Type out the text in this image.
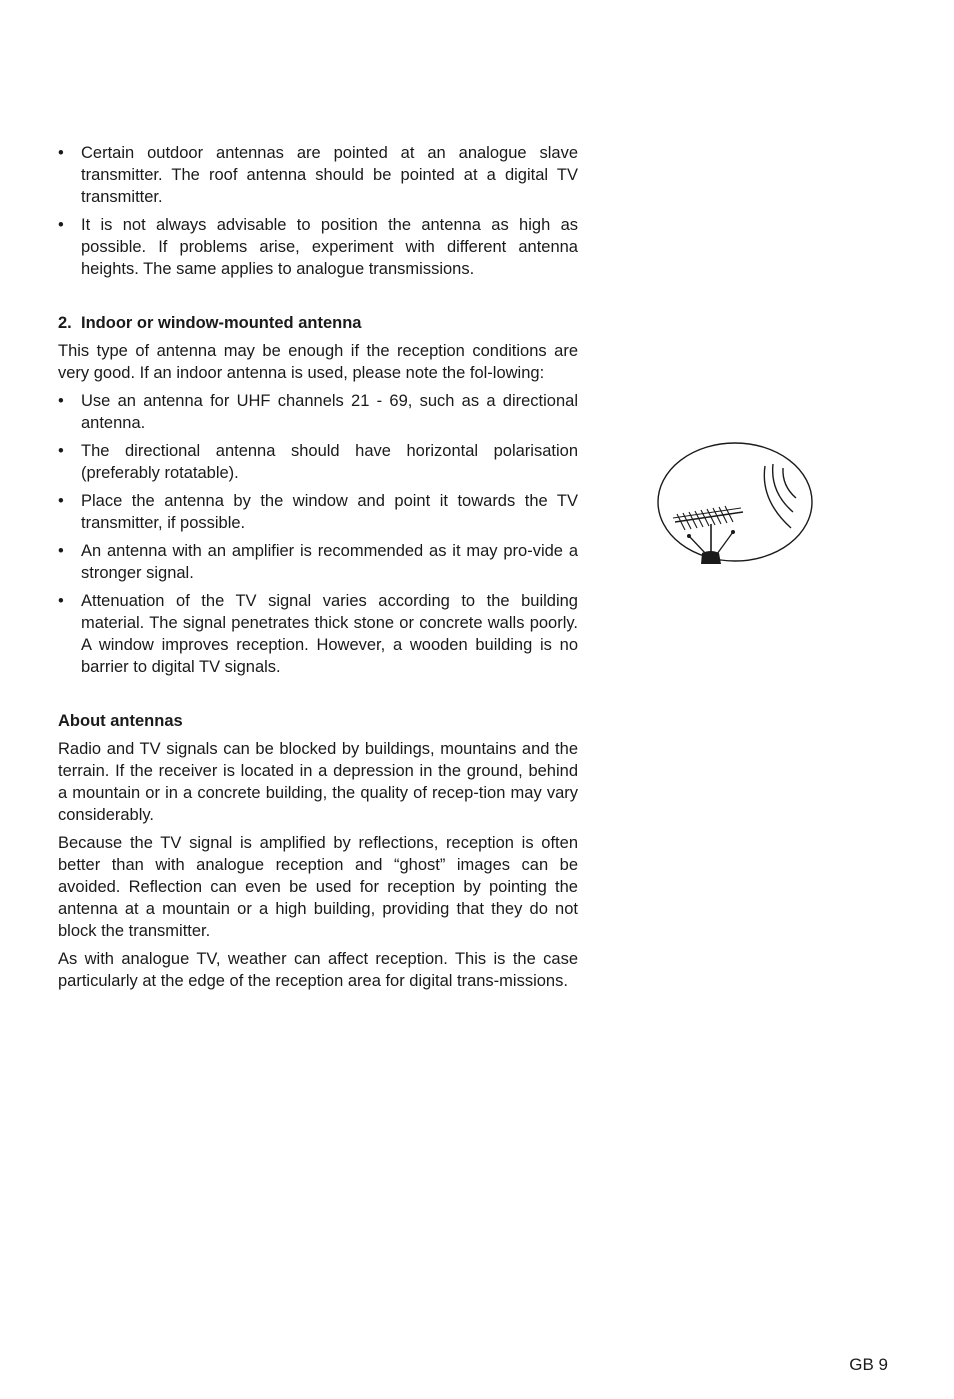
• Certain outdoor antennas are pointed at an analogue slave transmitter. The roof antenna should be pointed at a digital TV transmitter.
• It is not always advisable to position the antenna as high as possible. If problems arise, experiment with different antenna heights. The same applies to analogue transmissions.
2. Indoor or window-mounted antenna

This type of antenna may be enough if the reception conditions are very good. If an indoor antenna is used, please note the fol-lowing:

• Use an antenna for UHF channels 21 - 69, such as a directional antenna.
• The directional antenna should have horizontal polarisation (preferably rotatable).
• Place the antenna by the window and point it towards the TV transmitter, if possible.
• An antenna with an amplifier is recommended as it may pro-vide a stronger signal.
• Attenuation of the TV signal varies according to the building material. The signal penetrates thick stone or concrete walls poorly. A window improves reception. However, a wooden building is no barrier to digital TV signals.
About antennas

Radio and TV signals can be blocked by buildings, mountains and the terrain. If the receiver is located in a depression in the ground, behind a mountain or in a concrete building, the quality of recep-tion may vary considerably.

Because the TV signal is amplified by reflections, reception is often better than with analogue reception and “ghost” images can be avoided. Reflection can even be used for reception by pointing the antenna at a mountain or a high building, providing that they do not block the transmitter.

As with analogue TV, weather can affect reception. This is the case particularly at the edge of the reception area for digital trans-missions.

GB 9
